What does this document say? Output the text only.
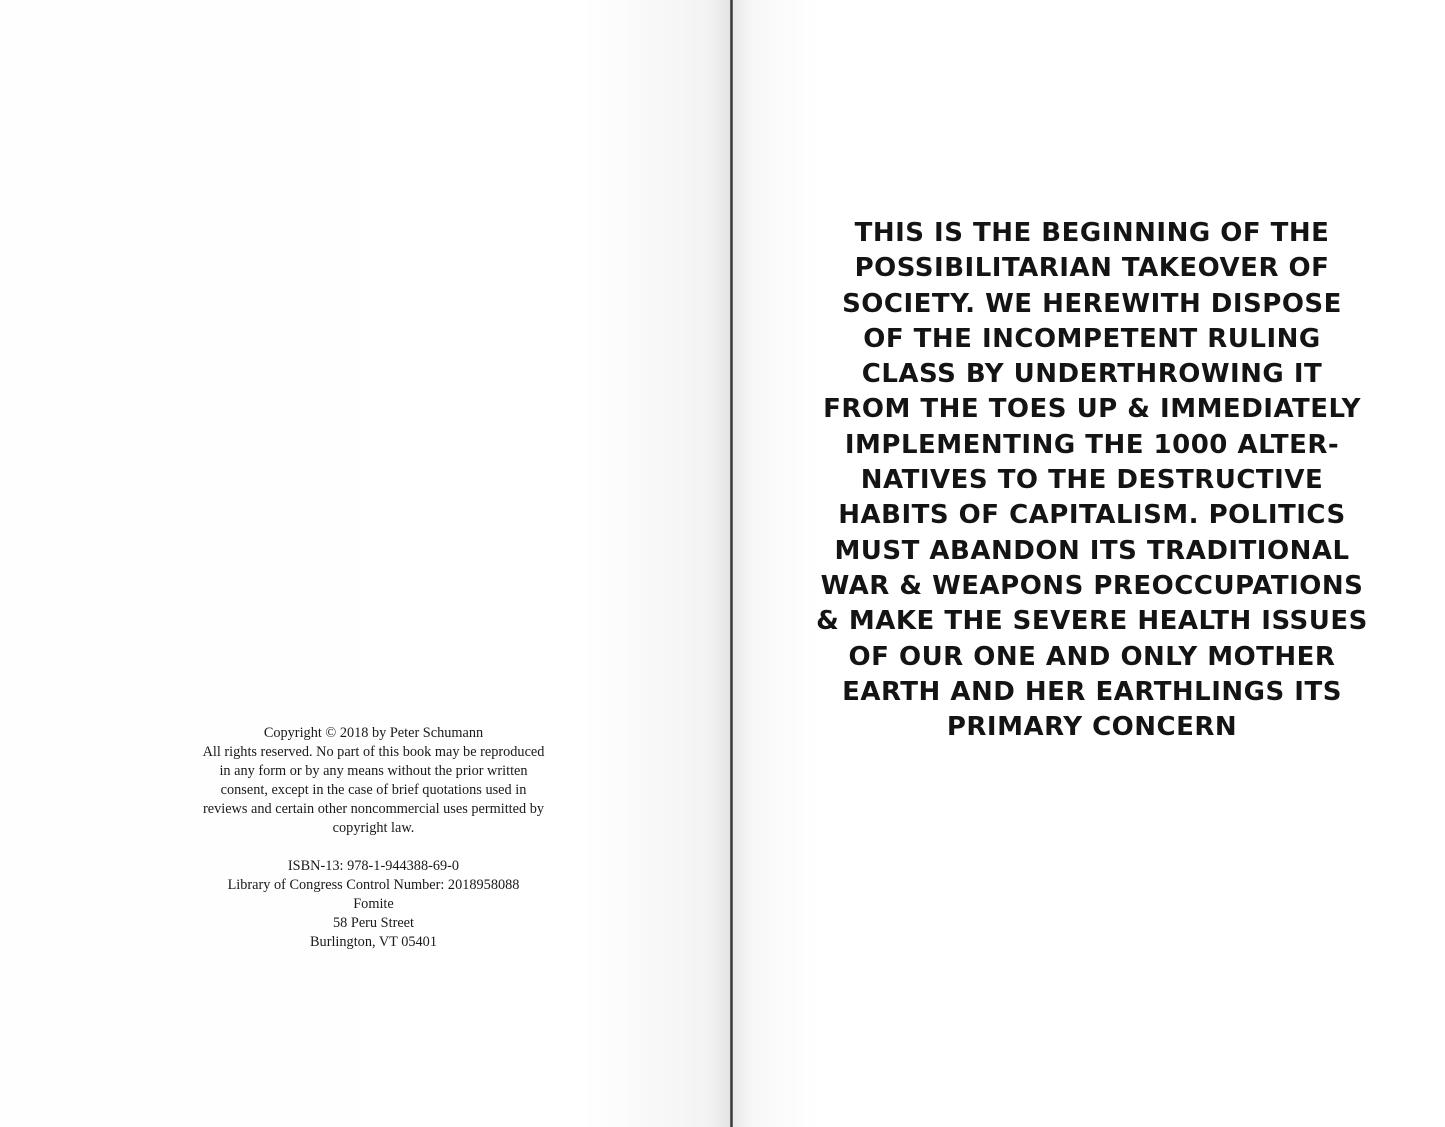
Copyright © 2018 by Peter Schumann
All rights reserved. No part of this book may be reproduced
in any form or by any means without the prior written
consent, except in the case of brief quotations used in
reviews and certain other noncommercial uses permitted by
copyright law.
ISBN-13: 978-1-944388-69-0
Library of Congress Control Number: 2018958088
Fomite
58 Peru Street
Burlington, VT 05401
THIS IS THE BEGINNING OF THE
POSSIBILITARIAN TAKEOVER OF
SOCIETY. WE HEREWITH DISPOSE
OF THE INCOMPETENT RULING
CLASS BY UNDERTHROWING IT
FROM THE TOES UP & IMMEDIATELY
IMPLEMENTING THE 1000 ALTER-
NATIVES TO THE DESTRUCTIVE
HABITS OF CAPITALISM. POLITICS
MUST ABANDON ITS TRADITIONAL
WAR & WEAPONS PREOCCUPATIONS
& MAKE THE SEVERE HEALTH ISSUES
OF OUR ONE AND ONLY MOTHER
EARTH AND HER EARTHLINGS ITS
PRIMARY CONCERN
